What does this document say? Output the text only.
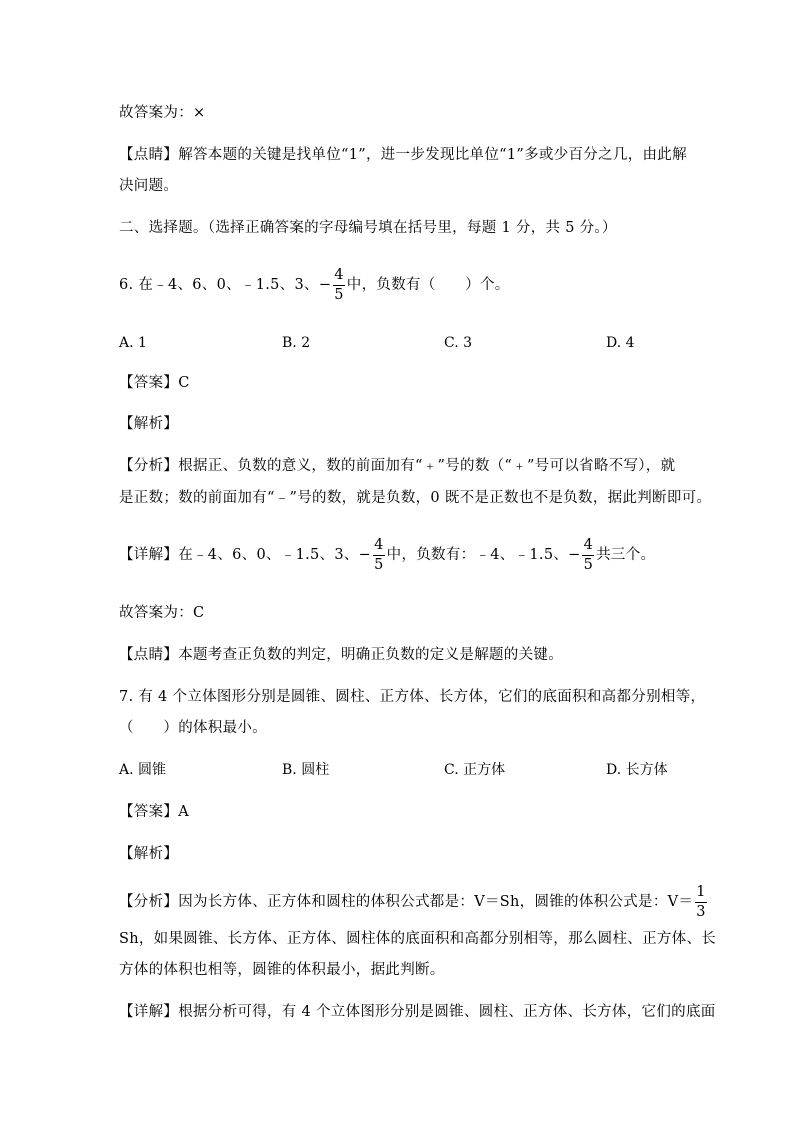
故答案为：×
【点睛】解答本题的关键是找单位“1”，进一步发现比单位“1”多或少百分之几，由此解
决问题。
二、选择题。（选择正确答案的字母编号填在括号里，每题 1 分，共 5 分。）
6. 在﹣4、6、0、﹣1.5、3、− $\frac{4}{5}$ 中，负数有（　　）个。
A. 1	B. 2	C. 3	D. 4
【答案】C
【解析】
【分析】根据正、负数的意义，数的前面加有“﹢”号的数（“﹢”号可以省略不写），就
是正数；数的前面加有“﹣”号的数，就是负数，0 既不是正数也不是负数，据此判断即可。
【详解】在﹣4、6、0、﹣1.5、3、− $\frac{4}{5}$ 中，负数有：﹣4、﹣1.5、− $\frac{4}{5}$ 共三个。
故答案为：C
【点睛】本题考查正负数的判定，明确正负数的定义是解题的关键。
7. 有 4 个立体图形分别是圆锥、圆柱、正方体、长方体，它们的底面积和高都分别相等，
（　　）的体积最小。
A. 圆锥	B. 圆柱	C. 正方体	D. 长方体
【答案】A
【解析】
【分析】因为长方体、正方体和圆柱的体积公式都是：V＝Sh，圆锥的体积公式是：$V= \frac{1}{3}$
Sh，如果圆锥、长方体、正方体、圆柱体的底面积和高都分别相等，那么圆柱、正方体、长
方体的体积也相等，圆锥的体积最小，据此判断。
【详解】根据分析可得，有 4 个立体图形分别是圆锥、圆柱、正方体、长方体，它们的底面
